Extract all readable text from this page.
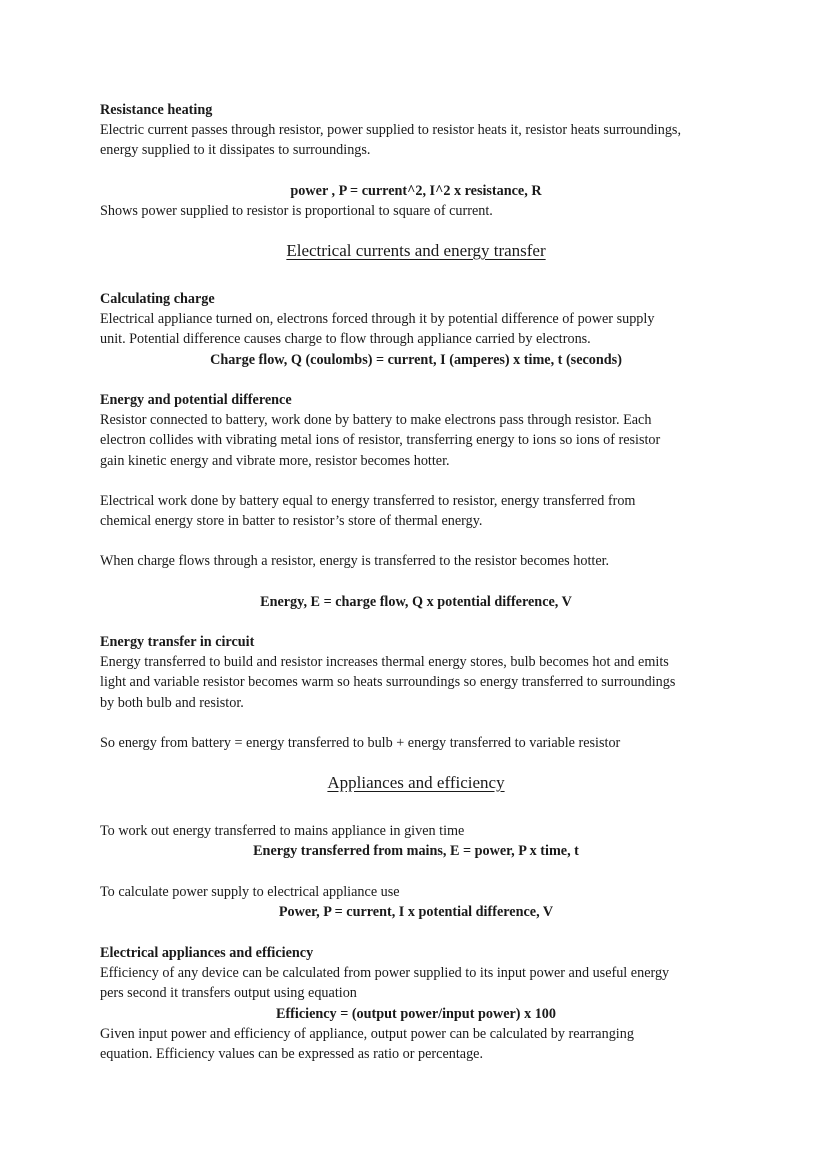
Resistance heating
Electric current passes through resistor, power supplied to resistor heats it, resistor heats surroundings,
energy supplied to it dissipates to surroundings.
power , P = current^2, I^2 x resistance, R
Shows power supplied to resistor is proportional to square of current.
Electrical currents and energy transfer
Calculating charge
Electrical appliance turned on, electrons forced through it by potential difference of power supply
unit. Potential difference causes charge to flow through appliance carried by electrons.
Charge flow, Q (coulombs) = current, I (amperes) x time, t (seconds)
Energy and potential difference
Resistor connected to battery, work done by battery to make electrons pass through resistor. Each
electron collides with vibrating metal ions of resistor, transferring energy to ions so ions of resistor
gain kinetic energy and vibrate more, resistor becomes hotter.
Electrical work done by battery equal to energy transferred to resistor, energy transferred from
chemical energy store in batter to resistor’s store of thermal energy.
When charge flows through a resistor, energy is transferred to the resistor becomes hotter.
Energy, E = charge flow, Q x potential difference, V
Energy transfer in circuit
Energy transferred to build and resistor increases thermal energy stores, bulb becomes hot and emits
light and variable resistor becomes warm so heats surroundings so energy transferred to surroundings
by both bulb and resistor.
So energy from battery = energy transferred to bulb + energy transferred to variable resistor
Appliances and efficiency
To work out energy transferred to mains appliance in given time
Energy transferred from mains, E = power, P x time, t
To calculate power supply to electrical appliance use
Power, P = current, I x potential difference, V
Electrical appliances and efficiency
Efficiency of any device can be calculated from power supplied to its input power and useful energy
pers second it transfers output using equation
Efficiency = (output power/input power) x 100
Given input power and efficiency of appliance, output power can be calculated by rearranging
equation. Efficiency values can be expressed as ratio or percentage.
